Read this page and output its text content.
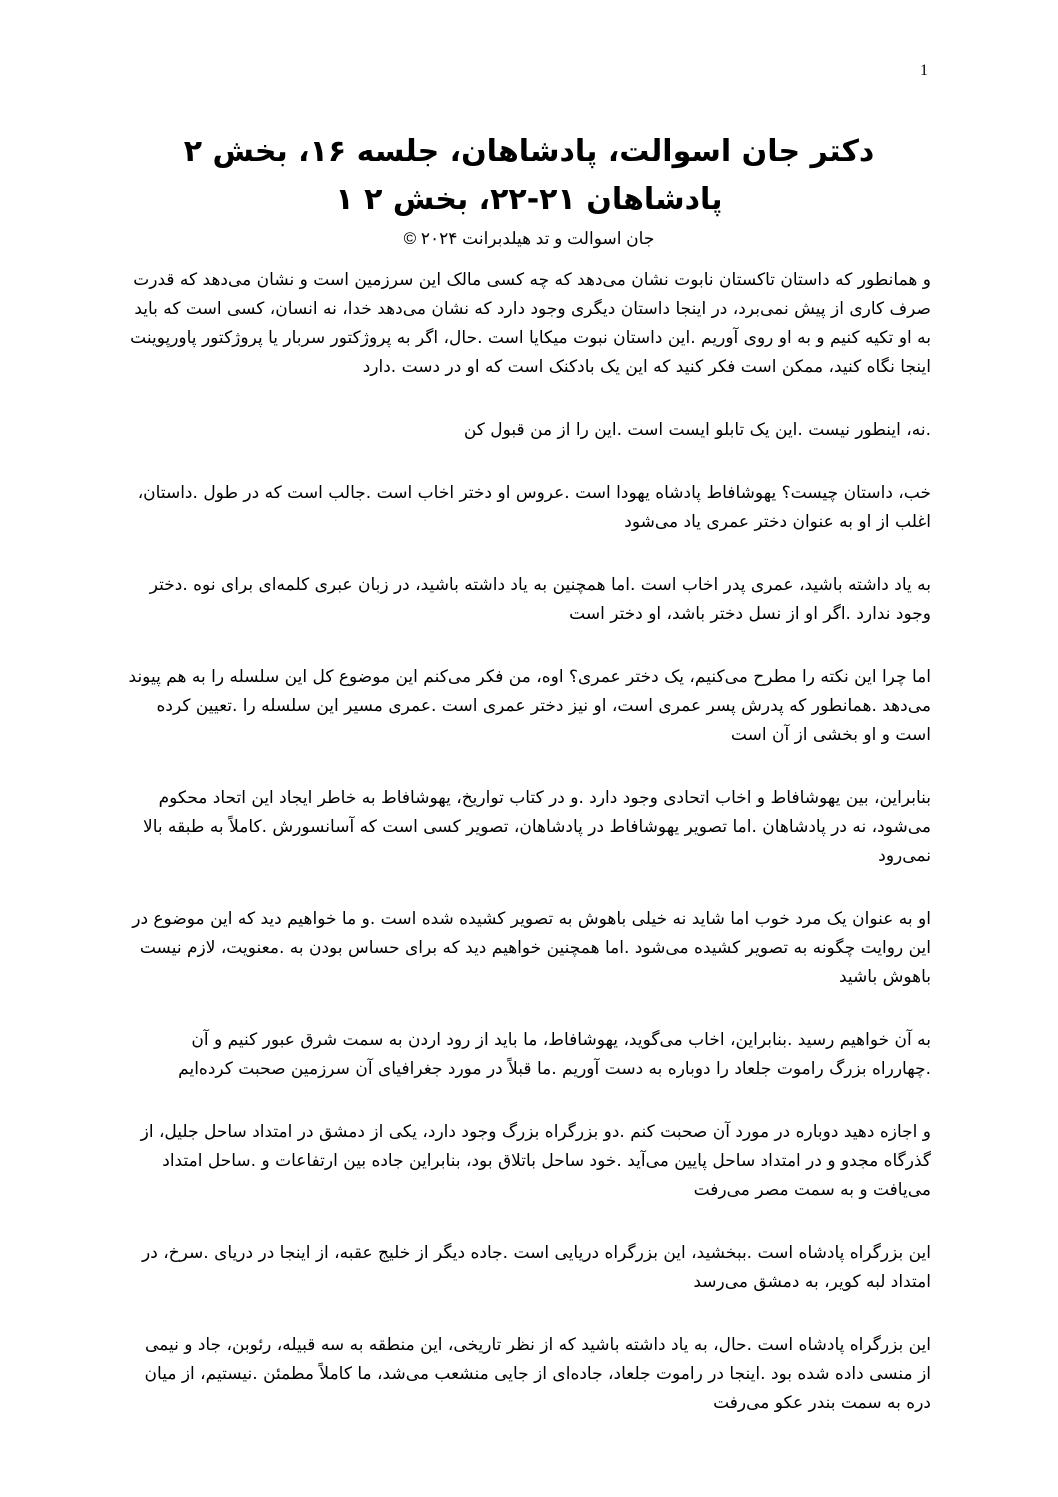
1
دکتر جان اسوالت، پادشاهان، جلسه ۱۶، بخش ۲
پادشاهان ۲۱-۲۲، بخش ۲ ۱
جان اسوالت و تد هیلدبرانت ۲۰۲۴ ©

و همانطور که داستان تاکستان نابوت نشان می‌دهد که چه کسی مالک این سرزمین است و نشان می‌دهد که قدرت صرف کاری از پیش نمی‌برد، در اینجا داستان دیگری وجود دارد که نشان می‌دهد خدا، نه انسان، کسی است که باید به او تکیه کنیم و به او روی آوریم .این داستان نبوت میکایا است .حال، اگر به پروژکتور سربار یا پروژکتور پاورپوینت اینجا نگاه کنید، ممکن است فکر کنید که این یک بادکنک است که او در دست .دارد

.نه، اینطور نیست .این یک تابلو ایست است .این را از من قبول کن

خب، داستان چیست؟ یهوشافاط پادشاه یهودا است .عروس او دختر اخاب است .جالب است که در طول .داستان، اغلب از او به عنوان دختر عمری یاد می‌شود

به یاد داشته باشید، عمری پدر اخاب است .اما همچنین به یاد داشته باشید، در زبان عبری کلمه‌ای برای نوه .دختر وجود ندارد .اگر او از نسل دختر باشد، او دختر است

اما چرا این نکته را مطرح می‌کنیم، یک دختر عمری؟ اوه، من فکر می‌کنم این موضوع کل این سلسله را به هم پیوند می‌دهد .همانطور که پدرش پسر عمری است، او نیز دختر عمری است .عمری مسیر این سلسله را .تعیین کرده است و او بخشی از آن است

بنابراین، بین یهوشافاط و اخاب اتحادی وجود دارد .و در کتاب تواریخ، یهوشافاط به خاطر ایجاد این اتحاد محکوم می‌شود، نه در پادشاهان .اما تصویر یهوشافاط در پادشاهان، تصویر کسی است که آسانسورش .کاملاً به طبقه بالا نمی‌رود

او به عنوان یک مرد خوب اما شاید نه خیلی باهوش به تصویر کشیده شده است .و ما خواهیم دید که این موضوع در این روایت چگونه به تصویر کشیده می‌شود .اما همچنین خواهیم دید که برای حساس بودن به .معنویت، لازم نیست باهوش باشید

به آن خواهیم رسید .بنابراین، اخاب می‌گوید، یهوشافاط، ما باید از رود اردن به سمت شرق عبور کنیم و آن .چهارراه بزرگ راموت جلعاد را دوباره به دست آوریم .ما قبلاً در مورد جغرافیای آن سرزمین صحبت کرده‌ایم

و اجازه دهید دوباره در مورد آن صحبت کنم .دو بزرگراه بزرگ وجود دارد، یکی از دمشق در امتداد ساحل جلیل، از گذرگاه مجدو و در امتداد ساحل پایین می‌آید .خود ساحل باتلاق بود، بنابراین جاده بین ارتفاعات و .ساحل امتداد می‌یافت و به سمت مصر می‌رفت

این بزرگراه پادشاه است .ببخشید، این بزرگراه دریایی است .جاده دیگر از خلیج عقبه، از اینجا در دریای .سرخ، در امتداد لبه کویر، به دمشق می‌رسد

این بزرگراه پادشاه است .حال، به یاد داشته باشید که از نظر تاریخی، این منطقه به سه قبیله، رئوبن، جاد و نیمی از منسی داده شده بود .اینجا در راموت جلعاد، جاده‌ای از جایی منشعب می‌شد، ما کاملاً مطمئن .نیستیم، از میان دره به سمت بندر عکو می‌رفت
